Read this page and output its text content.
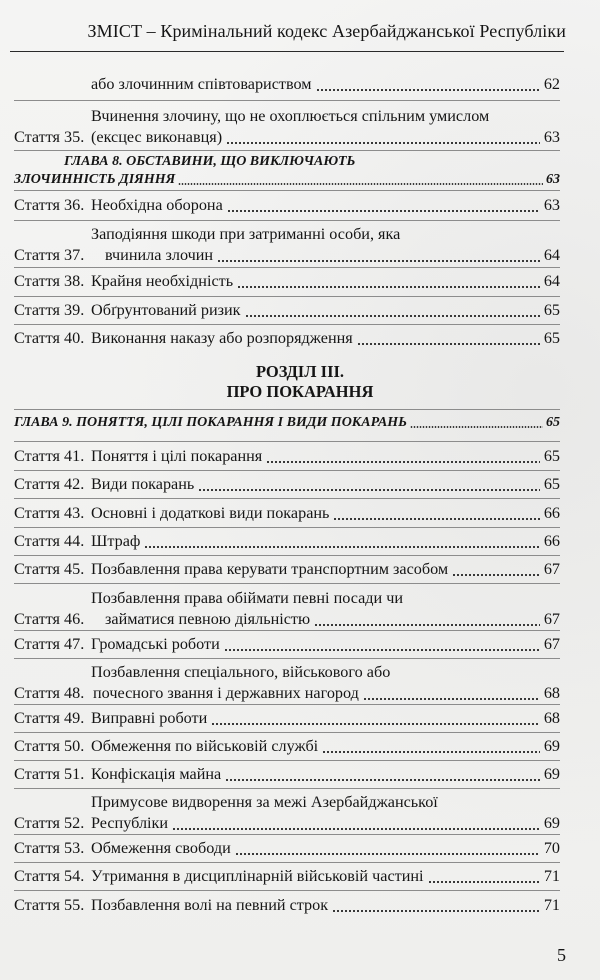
ЗМІСТ – Кримінальний кодекс Азербайджанської Республіки
або злочинним співтовариством	62
Стаття 35.
Вчинення злочину, що не охоплюється спільним умислом
(ексцес виконавця)	63
ГЛАВА 8. ОБСТАВИНИ, ЩО ВИКЛЮЧАЮТЬ
ЗЛОЧИННІСТЬ ДІЯННЯ	63
Стаття 36. Необхідна оборона	63
Стаття 37.
Заподіяння шкоди при затриманні особи, яка
вчинила злочин	64
Стаття 38. Крайня необхідність	64
Стаття 39. Обґрунтований ризик	65
Стаття 40. Виконання наказу або розпорядження	65
РОЗДІЛ ІІІ.
ПРО ПОКАРАННЯ
ГЛАВА 9. ПОНЯТТЯ, ЦІЛІ ПОКАРАННЯ І ВИДИ ПОКАРАНЬ	65
Стаття 41. Поняття і цілі покарання	65
Стаття 42. Види покарань	65
Стаття 43. Основні і додаткові види покарань	66
Стаття 44. Штраф	66
Стаття 45. Позбавлення права керувати транспортним засобом	67
Стаття 46.
Позбавлення права обіймати певні посади чи
займатися певною діяльністю	67
Стаття 47. Громадські роботи	67
Стаття 48.
Позбавлення спеціального, військового або
почесного звання і державних нагород	68
Стаття 49. Виправні роботи	68
Стаття 50. Обмеження по військовій службі	69
Стаття 51. Конфіскація майна	69
Стаття 52.
Примусове видворення за межі Азербайджанської
Республіки	69
Стаття 53. Обмеження свободи	70
Стаття 54. Утримання в дисциплінарній військовій частині	71
Стаття 55. Позбавлення волі на певний строк	71
5
